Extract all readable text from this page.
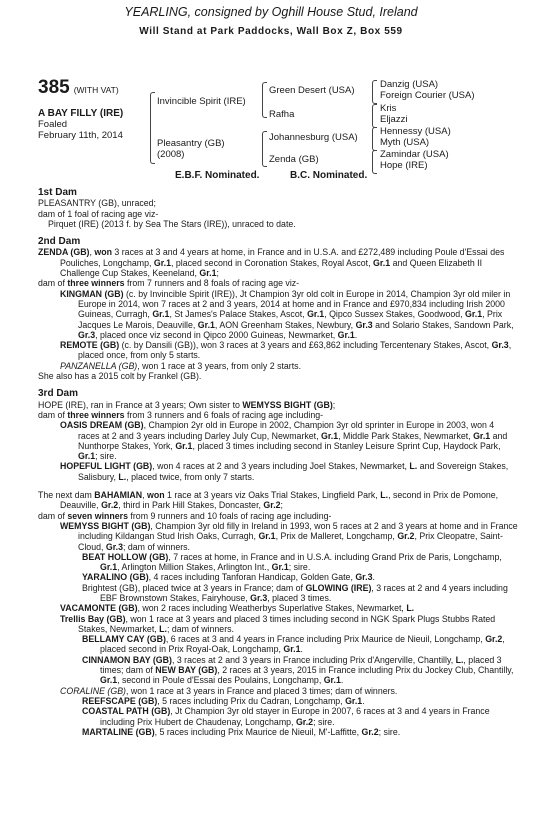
YEARLING, consigned by Oghill House Stud, Ireland
Will Stand at Park Paddocks, Wall Box Z, Box 559
385 (WITH VAT)
A BAY FILLY (IRE)
Foaled
February 11th, 2014
Invincible Spirit (IRE)
Pleasantry (GB)
(2008)
Green Desert (USA)
Rafha
Johannesburg (USA)
Zenda (GB)
Danzig (USA)
Foreign Courier (USA)
Kris
Eljazzi
Hennessy (USA)
Myth (USA)
Zamindar (USA)
Hope (IRE)
E.B.F. Nominated.	B.C. Nominated.

1st Dam

PLEASANTRY (GB), unraced;

dam of 1 foal of racing age viz-

Pirquet (IRE) (2013 f. by Sea The Stars (IRE)), unraced to date.

2nd Dam

ZENDA (GB), won 3 races at 3 and 4 years at home, in France and in U.S.A. and £272,489 including Poule d'Essai des Pouliches, Longchamp, Gr.1, placed second in Coronation Stakes, Royal Ascot, Gr.1 and Queen Elizabeth II Challenge Cup Stakes, Keeneland, Gr.1;

dam of three winners from 7 runners and 8 foals of racing age viz-

KINGMAN (GB) (c. by Invincible Spirit (IRE)), Jt Champion 3yr old colt in Europe in 2014, Champion 3yr old miler in Europe in 2014, won 7 races at 2 and 3 years, 2014 at home and in France and £970,834 including Irish 2000 Guineas, Curragh, Gr.1, St James's Palace Stakes, Ascot, Gr.1, Qipco Sussex Stakes, Goodwood, Gr.1, Prix Jacques Le Marois, Deauville, Gr.1, AON Greenham Stakes, Newbury, Gr.3 and Solario Stakes, Sandown Park, Gr.3, placed once viz second in Qipco 2000 Guineas, Newmarket, Gr.1.

REMOTE (GB) (c. by Dansili (GB)), won 3 races at 3 years and £63,862 including Tercentenary Stakes, Ascot, Gr.3, placed once, from only 5 starts.

PANZANELLA (GB), won 1 race at 3 years, from only 2 starts.

She also has a 2015 colt by Frankel (GB).

3rd Dam

HOPE (IRE), ran in France at 3 years; Own sister to WEMYSS BIGHT (GB);

dam of three winners from 3 runners and 6 foals of racing age including-

OASIS DREAM (GB), Champion 2yr old in Europe in 2002, Champion 3yr old sprinter in Europe in 2003, won 4 races at 2 and 3 years including Darley July Cup, Newmarket, Gr.1, Middle Park Stakes, Newmarket, Gr.1 and Nunthorpe Stakes, York, Gr.1, placed 3 times including second in Stanley Leisure Sprint Cup, Haydock Park, Gr.1; sire.

HOPEFUL LIGHT (GB), won 4 races at 2 and 3 years including Joel Stakes, Newmarket, L. and Sovereign Stakes, Salisbury, L., placed twice, from only 7 starts.

The next dam BAHAMIAN, won 1 race at 3 years viz Oaks Trial Stakes, Lingfield Park, L., second in Prix de Pomone, Deauville, Gr.2, third in Park Hill Stakes, Doncaster, Gr.2;

dam of seven winners from 9 runners and 10 foals of racing age including-

WEMYSS BIGHT (GB), Champion 3yr old filly in Ireland in 1993, won 5 races at 2 and 3 years at home and in France including Kildangan Stud Irish Oaks, Curragh, Gr.1, Prix de Malleret, Longchamp, Gr.2, Prix Cleopatre, Saint-Cloud, Gr.3; dam of winners.

BEAT HOLLOW (GB), 7 races at home, in France and in U.S.A. including Grand Prix de Paris, Longchamp, Gr.1, Arlington Million Stakes, Arlington Int., Gr.1; sire.

YARALINO (GB), 4 races including Tanforan Handicap, Golden Gate, Gr.3.

Brightest (GB), placed twice at 3 years in France; dam of GLOWING (IRE), 3 races at 2 and 4 years including EBF Brownstown Stakes, Fairyhouse, Gr.3, placed 3 times.

VACAMONTE (GB), won 2 races including Weatherbys Superlative Stakes, Newmarket, L.

Trellis Bay (GB), won 1 race at 3 years and placed 3 times including second in NGK Spark Plugs Stubbs Rated Stakes, Newmarket, L.; dam of winners.

BELLAMY CAY (GB), 6 races at 3 and 4 years in France including Prix Maurice de Nieuil, Longchamp, Gr.2, placed second in Prix Royal-Oak, Longchamp, Gr.1.

CINNAMON BAY (GB), 3 races at 2 and 3 years in France including Prix d'Angerville, Chantilly, L., placed 3 times; dam of NEW BAY (GB), 2 races at 3 years, 2015 in France including Prix du Jockey Club, Chantilly, Gr.1, second in Poule d'Essai des Poulains, Longchamp, Gr.1.

CORALINE (GB), won 1 race at 3 years in France and placed 3 times; dam of winners.

REEFSCAPE (GB), 5 races including Prix du Cadran, Longchamp, Gr.1.

COASTAL PATH (GB), Jt Champion 3yr old stayer in Europe in 2007, 6 races at 3 and 4 years in France including Prix Hubert de Chaudenay, Longchamp, Gr.2; sire.

MARTALINE (GB), 5 races including Prix Maurice de Nieuil, M'-Laffitte, Gr.2; sire.
